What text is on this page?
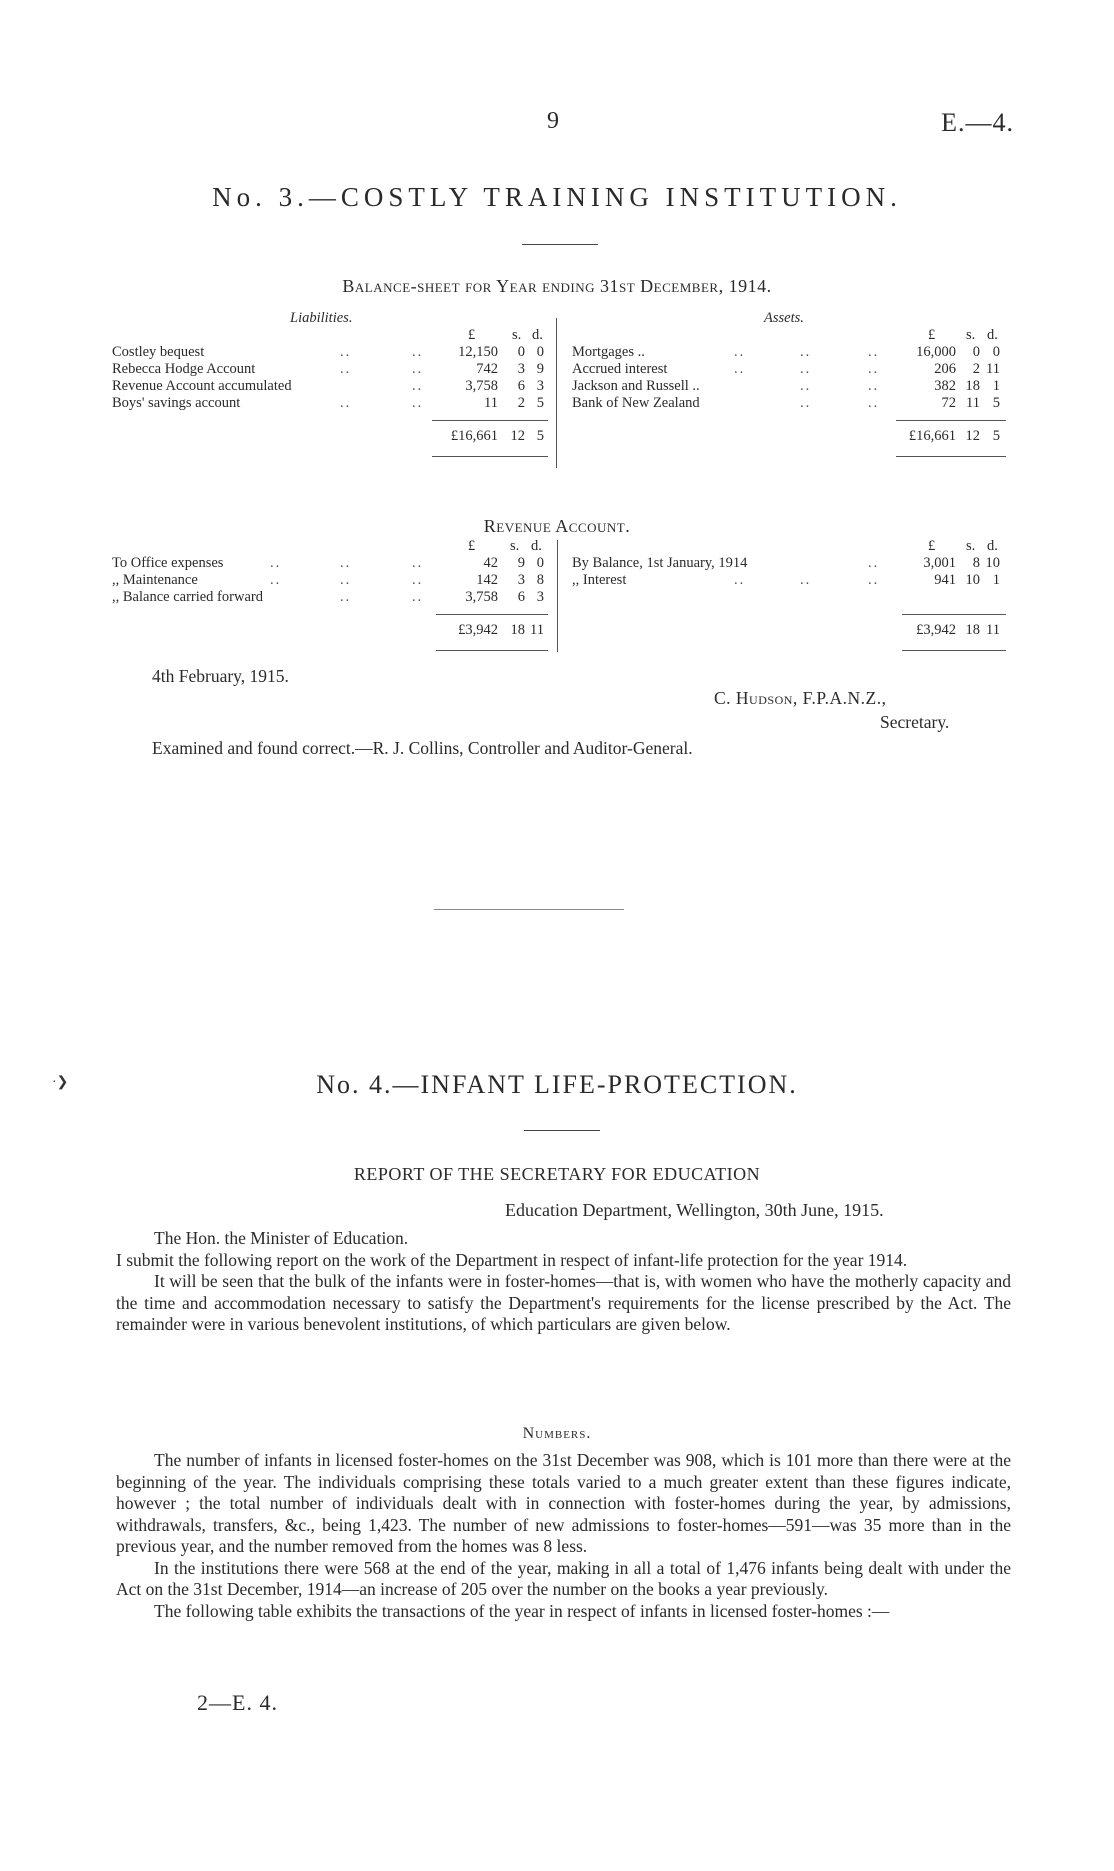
9	E.—4.
No. 3.—COSTLY TRAINING INSTITUTION.
Balance-sheet for Year ending 31st December, 1914.
Liabilities.	Assets.
£	s. d.	£ s. d.
Costley bequest	..	..	12,150	0 0
Rebecca Hodge Account	..	..	742	3 9
Revenue Account accumulated	..	3,758	6 3
Boys' savings account	..	..	11	2 5
£16,661 12 5
Mortgages ..	..	..	..	16,000	0 0
Accrued interest	..	..	..	206	2 11
Jackson and Russell ..	..	..	382 18 1
Bank of New Zealand	..	..	72 11 5
£16,661 12 5
Revenue Account.
£ s. d.	£ s. d.
To Office expenses	..	..	..	42	9 0
,, Maintenance	..	..	..	142	3 8
,, Balance carried forward	..	..	3,758	6 3
£3,942 18 11
By Balance, 1st January, 1914	..	3,001	8 10
,, Interest	..	..	..	941 10 1
£3,942 18 11
4th February, 1915.
C. Hudson, F.P.A.N.Z.,
Secretary.
Examined and found correct.—R. J. Collins, Controller and Auditor-General.
·❯	No. 4.—INFANT LIFE-PROTECTION.
REPORT OF THE SECRETARY FOR EDUCATION
Education Department, Wellington, 30th June, 1915.

The Hon. the Minister of Education.

I submit the following report on the work of the Department in respect of infant-life protection for the year 1914.

It will be seen that the bulk of the infants were in foster-homes—that is, with women who have the motherly capacity and the time and accommodation necessary to satisfy the Department's requirements for the license prescribed by the Act. The remainder were in various benevolent institutions, of which particulars are given below.

Numbers.

The number of infants in licensed foster-homes on the 31st December was 908, which is 101 more than there were at the beginning of the year. The individuals comprising these totals varied to a much greater extent than these figures indicate, however ; the total number of individuals dealt with in connection with foster-homes during the year, by admissions, withdrawals, transfers, &c., being 1,423. The number of new admissions to foster-homes—591—was 35 more than in the previous year, and the number removed from the homes was 8 less.

In the institutions there were 568 at the end of the year, making in all a total of 1,476 infants being dealt with under the Act on the 31st December, 1914—an increase of 205 over the number on the books a year previously.

The following table exhibits the transactions of the year in respect of infants in licensed foster-homes :—

2—E. 4.
